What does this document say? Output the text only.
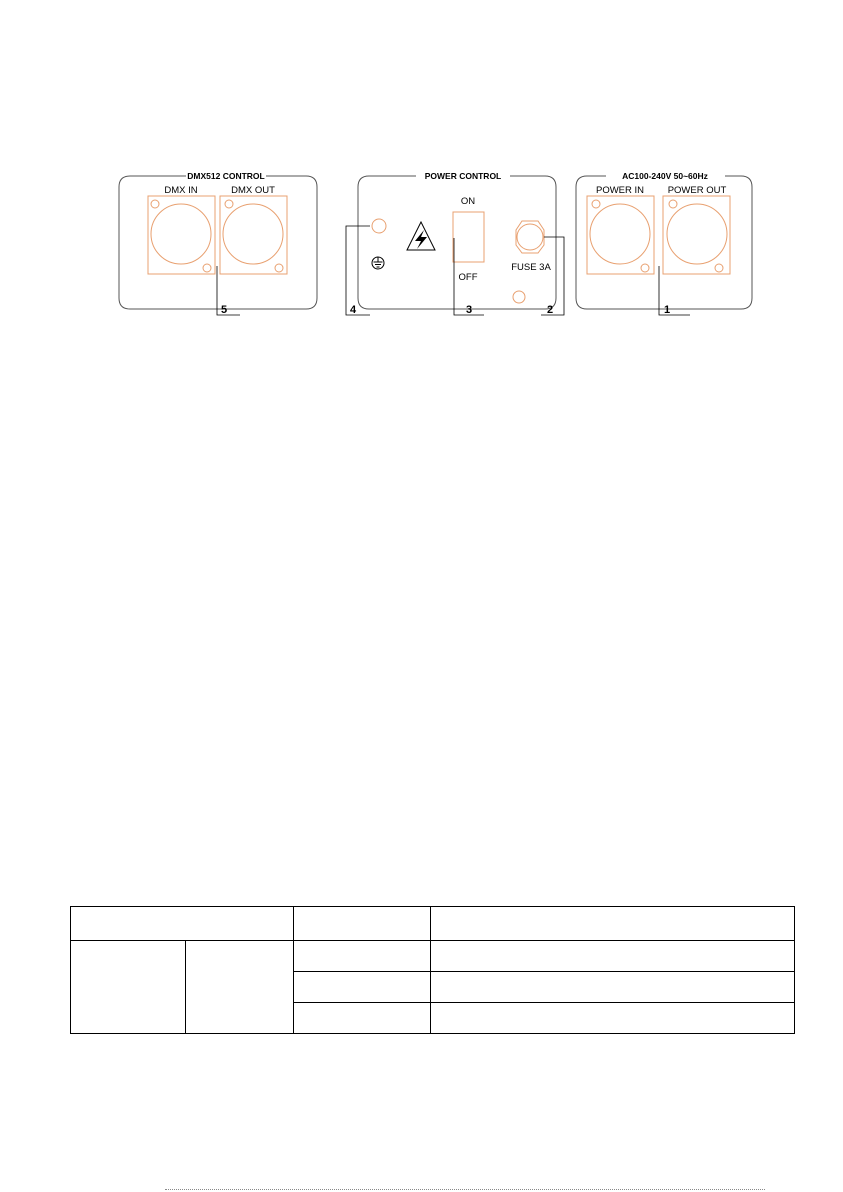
DMX512 CONTROL
DMX IN	DMX OUT
POWER CONTROL
ON
OFF
FUSE 3A
AC100-240V 50~60Hz
POWER IN POWER OUT
5	4	3	2	1
